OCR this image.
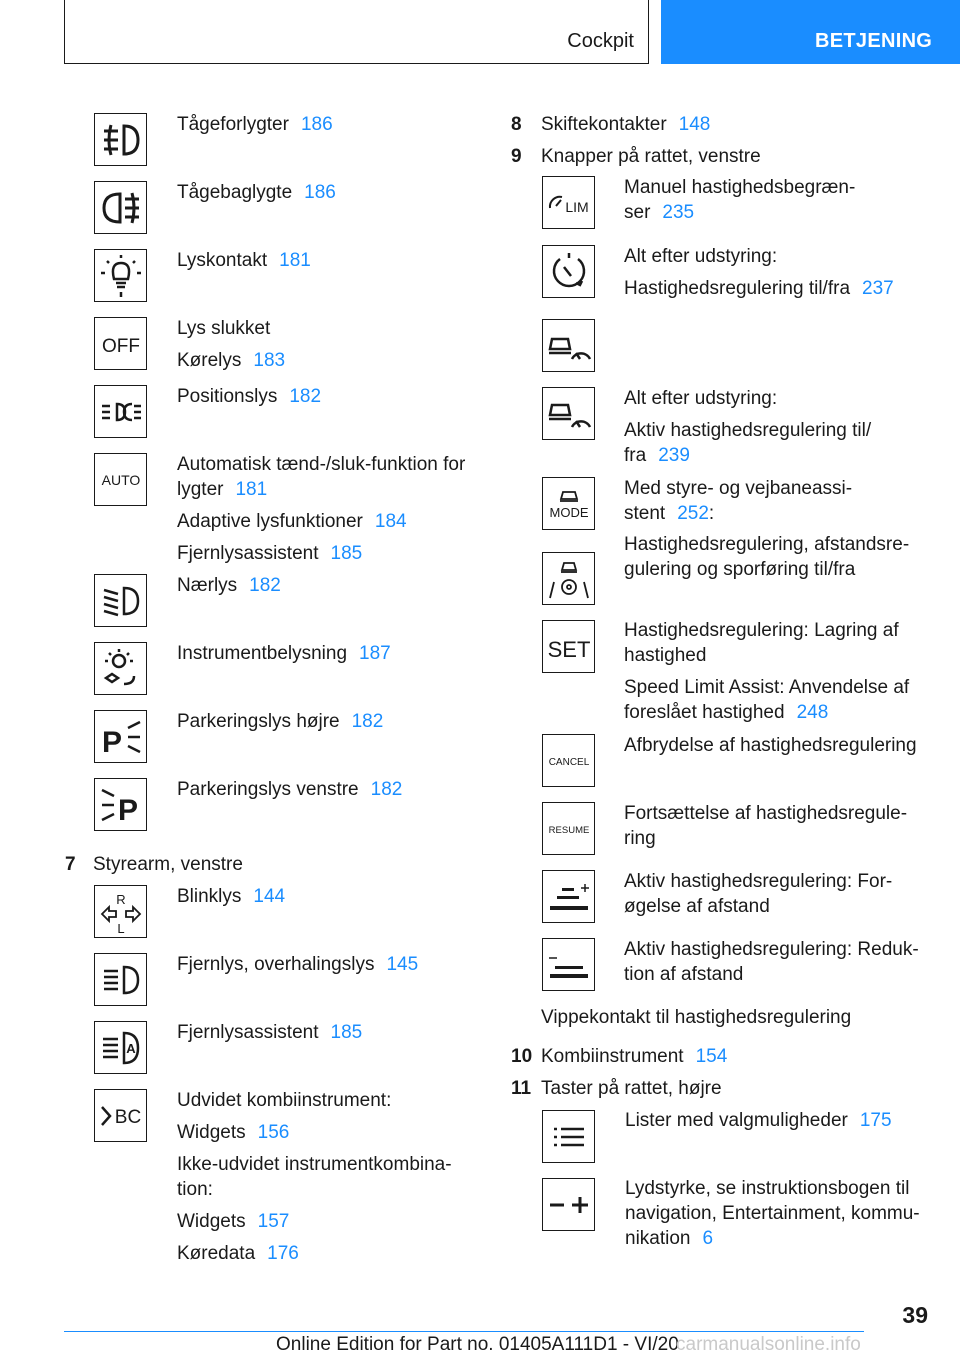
Cockpit	BETJENING
Tågeforlygter 186
Tågebaglygte 186
Lyskontakt 181
OFF
Lys slukket
Kørelys 183
Positionslys 182
AUTO
Automatisk tænd-/sluk-funktion for
lygter 181
Adaptive lysfunktioner 184
Fjernlysassistent 185
Nærlys 182
Instrumentbelysning 187
P
Parkeringslys højre 182
P
Parkeringslys venstre 182
7 Styrearm, venstre
R
L
Blinklys 144
Fjernlys, overhalingslys 145
A
Fjernlysassistent 185
BC
Udvidet kombiinstrument:
Widgets 156
Ikke-udvidet instrumentkombina-
tion:
Widgets 157
Køredata 176
8 Skiftekontakter 148
9 Knapper på rattet, venstre
LIM
Manuel hastighedsbegræn-
ser 235
Alt efter udstyring:
Hastighedsregulering til/fra 237
Alt efter udstyring:
Aktiv hastighedsregulering til/
fra 239
MODE
Med styre- og vejbaneassi-
stent 252:
Hastighedsregulering, afstandsre-
gulering og sporføring til/fra
SET
Hastighedsregulering: Lagring af
hastighed
Speed Limit Assist: Anvendelse af
foreslået hastighed 248
CANCEL
Afbrydelse af hastighedsregulering
RESUME
Fortsættelse af hastighedsregule-
ring
Aktiv hastighedsregulering: For-
øgelse af afstand
Aktiv hastighedsregulering: Reduk-
tion af afstand
Vippekontakt til hastighedsregulering
10 Kombiinstrument 154
11 Taster på rattet, højre
Lister med valgmuligheder 175
Lydstyrke, se instruktionsbogen til
navigation, Entertainment, kommu-
nikation 6
39
Online Edition for Part no. 01405A111D1 - VI/20
carmanualsonline.info
